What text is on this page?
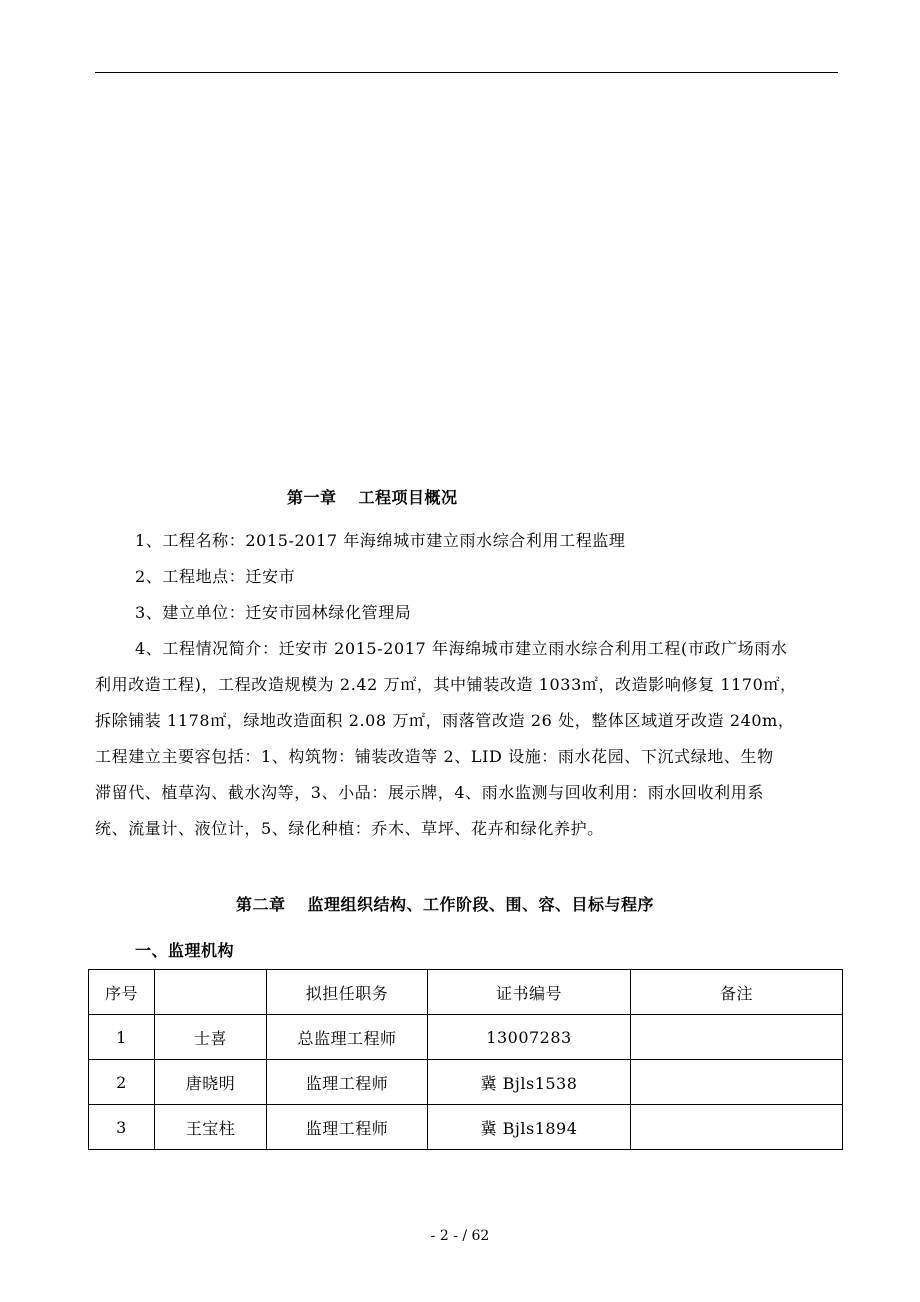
第一章 工程项目概况
1、工程名称：2015-2017 年海绵城市建立雨水综合利用工程监理
2、工程地点：迁安市
3、建立单位：迁安市园林绿化管理局
4、工程情况简介：迁安市 2015-2017 年海绵城市建立雨水综合利用工程(市政广场雨水
利用改造工程)，工程改造规模为 2.42 万㎡，其中铺装改造 1033㎡，改造影响修复 1170㎡，
拆除铺装 1178㎡，绿地改造面积 2.08 万㎡，雨落管改造 26 处，整体区域道牙改造 240m，
工程建立主要容包括：1、构筑物：铺装改造等 2、LID 设施：雨水花园、下沉式绿地、生物
滞留代、植草沟、截水沟等，3、小品：展示牌，4、雨水监测与回收利用：雨水回收利用系
统、流量计、液位计，5、绿化种植：乔木、草坪、花卉和绿化养护。
第二章 监理组织结构、工作阶段、围、容、目标与程序
一、监理机构
序号		拟担任职务	证书编号	备注
1	士喜	总监理工程师	13007283	
2	唐晓明	监理工程师	冀 Bjls1538	
3	王宝柱	监理工程师	冀 Bjls1894	
- 2 - / 62
